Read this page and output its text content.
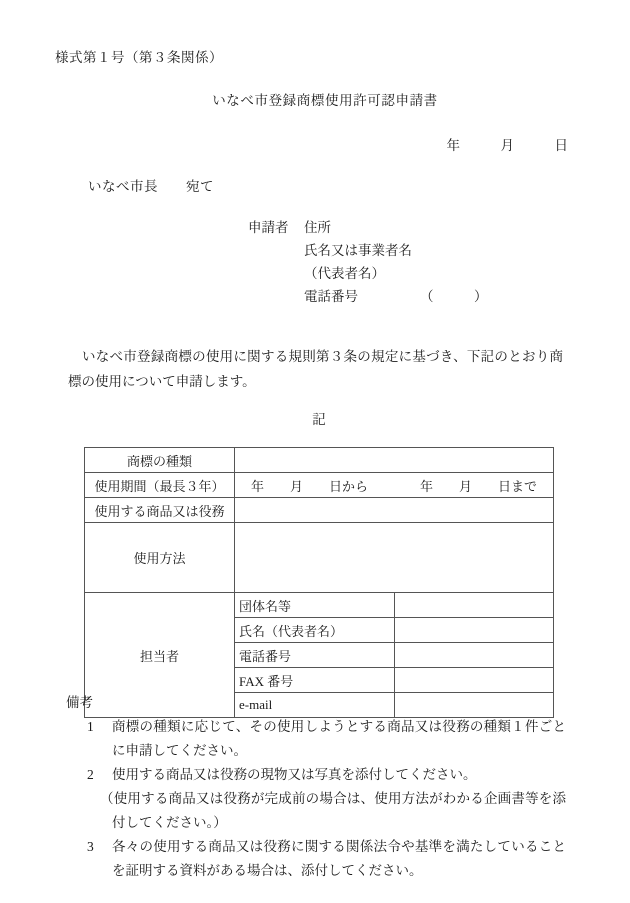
様式第１号（第３条関係）
いなべ市登録商標使用許可認申請書
年　　　月　　　日
いなべ市長　　宛て
申請者 住所
氏名又は事業者名
（代表者名）
電話番号	（　　　）
いなべ市登録商標の使用に関する規則第３条の規定に基づき、下記のとおり商標の使用について申請します。
記
商標の種類		
使用期間（最長３年）	年　　月　　日から　　　　年　　月　　日まで	
使用する商品又は役務		
使用方法		
担当者	団体名等	
	氏名（代表者名）	
	電話番号	
	FAX 番号	
	e-mail	
備考
1 商標の種類に応じて、その使用しようとする商品又は役務の種類１件ごとに申請してください。
2 使用する商品又は役務の現物又は写真を添付してください。
（使用する商品又は役務が完成前の場合は、使用方法がわかる企画書等を添付してください。）
3 各々の使用する商品又は役務に関する関係法令や基準を満たしていることを証明する資料がある場合は、添付してください。
